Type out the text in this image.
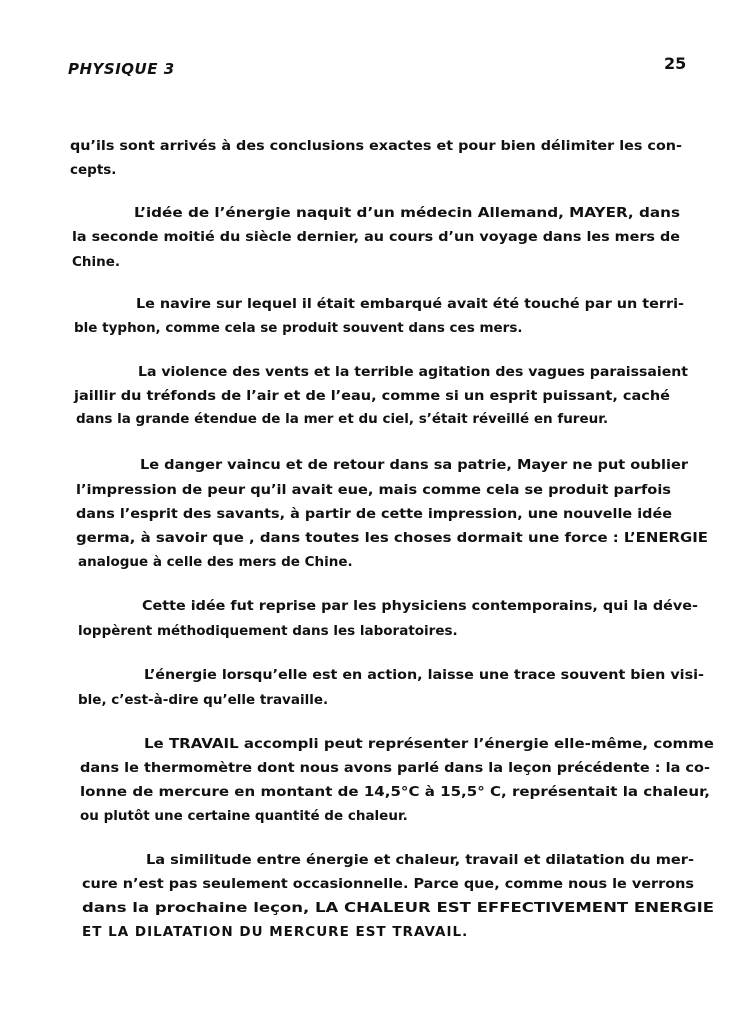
PHYSIQUE 3	25
qu’ils sont arrivés à des conclusions exactes et pour bien délimiter les con-
cepts.
L’idée de l’énergie naquit d’un médecin Allemand, MAYER, dans
la seconde moitié du siècle dernier, au cours d’un voyage dans les mers de
Chine.
Le navire sur lequel il était embarqué avait été touché par un terri-
ble typhon, comme cela se produit souvent dans ces mers.
La violence des vents et la terrible agitation des vagues paraissaient
jaillir du tréfonds de l’air et de l’eau, comme si un esprit puissant, caché
dans la grande étendue de la mer et du ciel, s’était réveillé en fureur.
Le danger vaincu et de retour dans sa patrie, Mayer ne put oublier
l’impression de peur qu’il avait eue, mais comme cela se produit parfois
dans l’esprit des savants, à partir de cette impression, une nouvelle idée
germa, à savoir que , dans toutes les choses dormait une force : L’ENERGIE
analogue à celle des mers de Chine.
Cette idée fut reprise par les physiciens contemporains, qui la déve-
loppèrent méthodiquement dans les laboratoires.
L’énergie lorsqu’elle est en action, laisse une trace souvent bien visi-
ble, c’est-à-dire qu’elle travaille.
Le TRAVAIL accompli peut représenter l’énergie elle-même, comme
dans le thermomètre dont nous avons parlé dans la leçon précédente : la co-
lonne de mercure en montant de 14,5°C à 15,5° C, représentait la chaleur,
ou plutôt une certaine quantité de chaleur.
La similitude entre énergie et chaleur, travail et dilatation du mer-
cure n’est pas seulement occasionnelle. Parce que, comme nous le verrons
dans la prochaine leçon, LA CHALEUR EST EFFECTIVEMENT ENERGIE
ET LA DILATATION DU MERCURE EST TRAVAIL.
